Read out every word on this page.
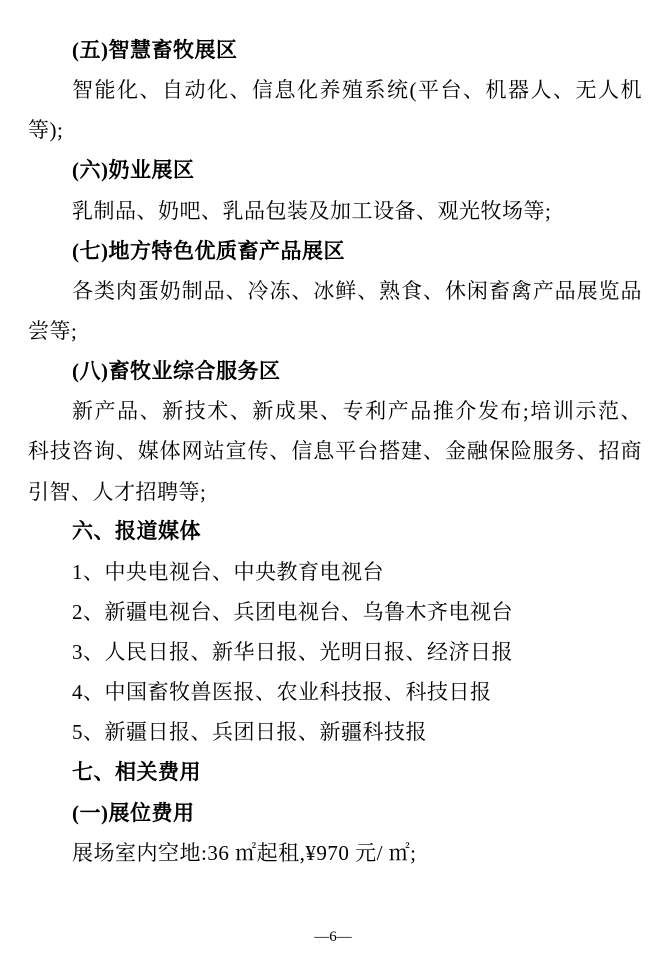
(五)智慧畜牧展区
智能化、自动化、信息化养殖系统(平台、机器人、无人机
等);
(六)奶业展区
乳制品、奶吧、乳品包装及加工设备、观光牧场等;
(七)地方特色优质畜产品展区
各类肉蛋奶制品、冷冻、冰鲜、熟食、休闲畜禽产品展览品
尝等;
(八)畜牧业综合服务区
新产品、新技术、新成果、专利产品推介发布;培训示范、
科技咨询、媒体网站宣传、信息平台搭建、金融保险服务、招商
引智、人才招聘等;
六、报道媒体
1、中央电视台、中央教育电视台
2、新疆电视台、兵团电视台、乌鲁木齐电视台
3、人民日报、新华日报、光明日报、经济日报
4、中国畜牧兽医报、农业科技报、科技日报
5、新疆日报、兵团日报、新疆科技报
七、相关费用
(一)展位费用
展场室内空地:36 ㎡起租,¥970 元/ ㎡;
—6—
